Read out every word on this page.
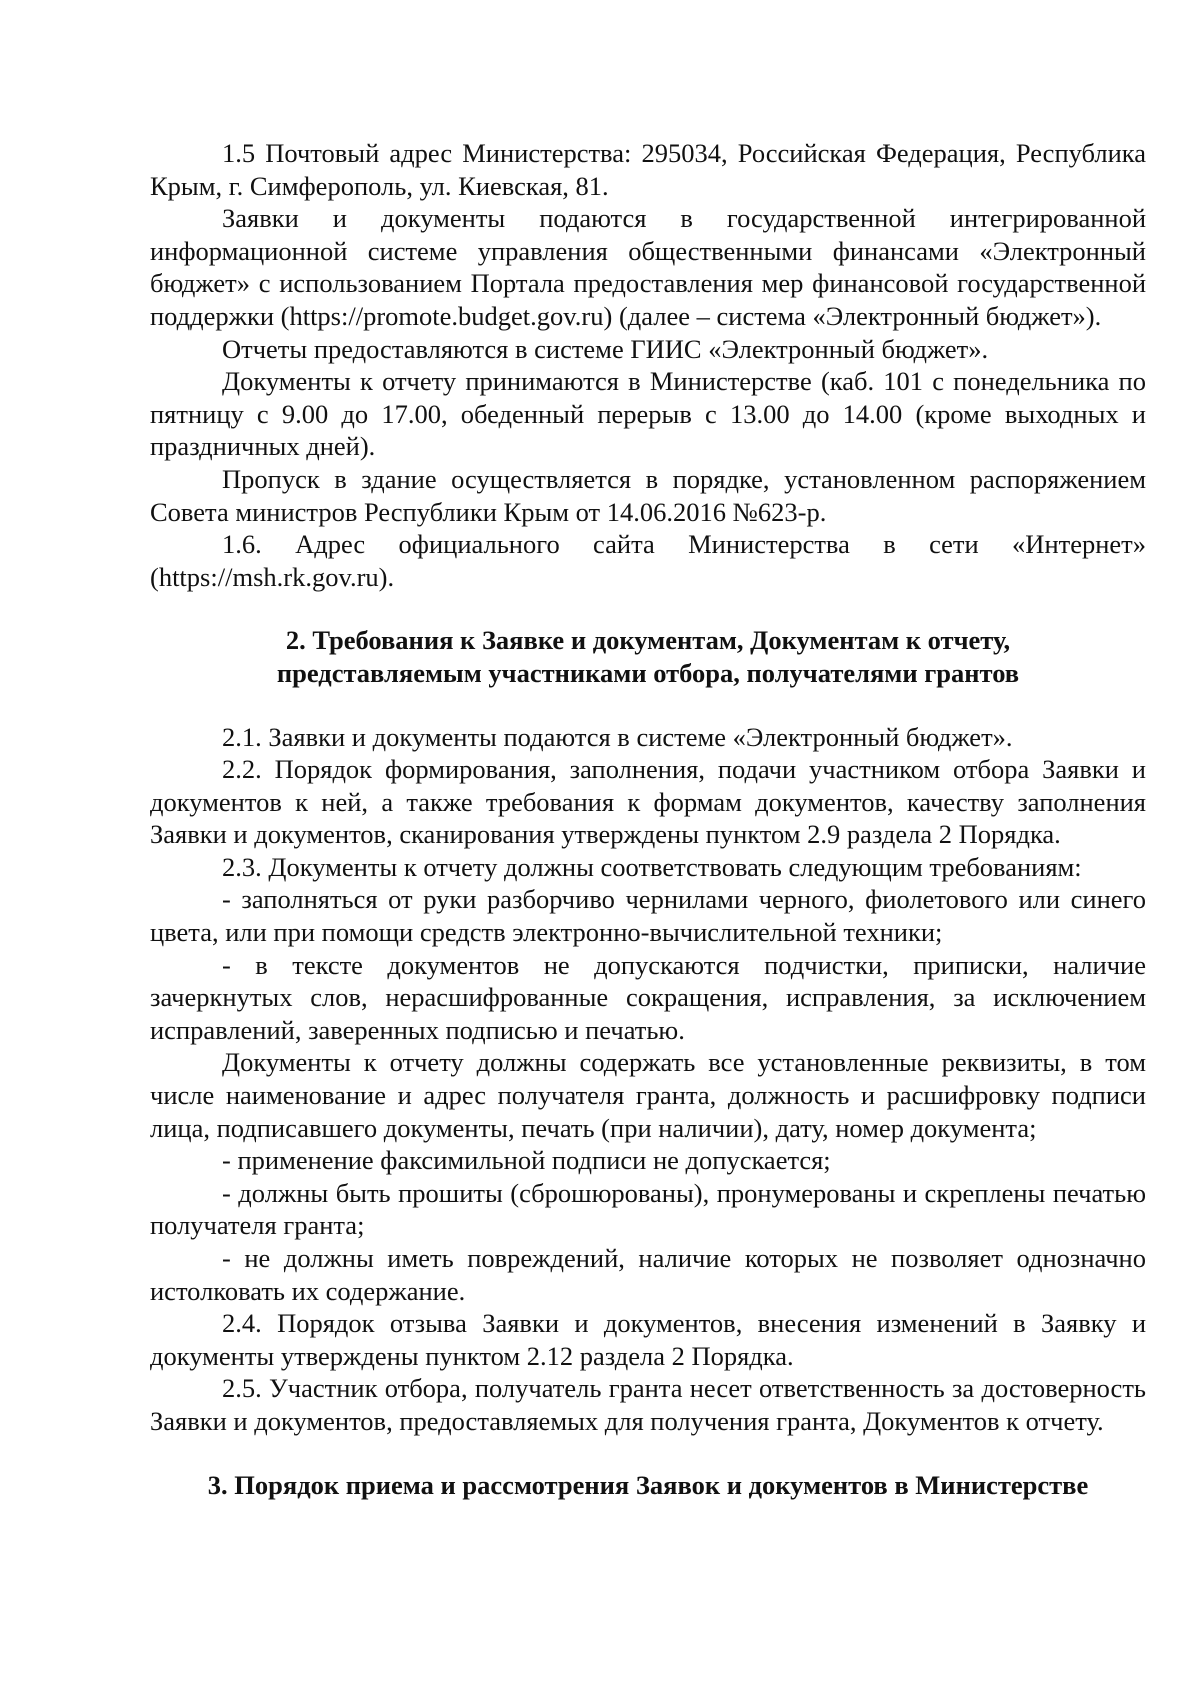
1.5 Почтовый адрес Министерства: 295034, Российская Федерация, Республика Крым, г. Симферополь, ул. Киевская, 81.

Заявки и документы подаются в государственной интегрированной информационной системе управления общественными финансами «Электронный бюджет» с использованием Портала предоставления мер финансовой государственной поддержки (https://promote.budget.gov.ru) (далее – система «Электронный бюджет»).

Отчеты предоставляются в системе ГИИС «Электронный бюджет».

Документы к отчету принимаются в Министерстве (каб. 101 с понедельника по пятницу с 9.00 до 17.00, обеденный перерыв с 13.00 до 14.00 (кроме выходных и праздничных дней).

Пропуск в здание осуществляется в порядке, установленном распоряжением Совета министров Республики Крым от 14.06.2016 №623-р.

1.6. Адрес официального сайта Министерства в сети «Интернет» (https://msh.rk.gov.ru).

2. Требования к Заявке и документам, Документам к отчету,
представляемым участниками отбора, получателями грантов

2.1. Заявки и документы подаются в системе «Электронный бюджет».

2.2. Порядок формирования, заполнения, подачи участником отбора Заявки и документов к ней, а также требования к формам документов, качеству заполнения Заявки и документов, сканирования утверждены пунктом 2.9 раздела 2 Порядка.

2.3. Документы к отчету должны соответствовать следующим требованиям:

- заполняться от руки разборчиво чернилами черного, фиолетового или синего цвета, или при помощи средств электронно-вычислительной техники;

- в тексте документов не допускаются подчистки, приписки, наличие зачеркнутых слов, нерасшифрованные сокращения, исправления, за исключением исправлений, заверенных подписью и печатью.

Документы к отчету должны содержать все установленные реквизиты, в том числе наименование и адрес получателя гранта, должность и расшифровку подписи лица, подписавшего документы, печать (при наличии), дату, номер документа;

- применение факсимильной подписи не допускается;

- должны быть прошиты (сброшюрованы), пронумерованы и скреплены печатью получателя гранта;

- не должны иметь повреждений, наличие которых не позволяет однозначно истолковать их содержание.

2.4. Порядок отзыва Заявки и документов, внесения изменений в Заявку и документы утверждены пунктом 2.12 раздела 2 Порядка.

2.5. Участник отбора, получатель гранта несет ответственность за достоверность Заявки и документов, предоставляемых для получения гранта, Документов к отчету.

3. Порядок приема и рассмотрения Заявок и документов в Министерстве
